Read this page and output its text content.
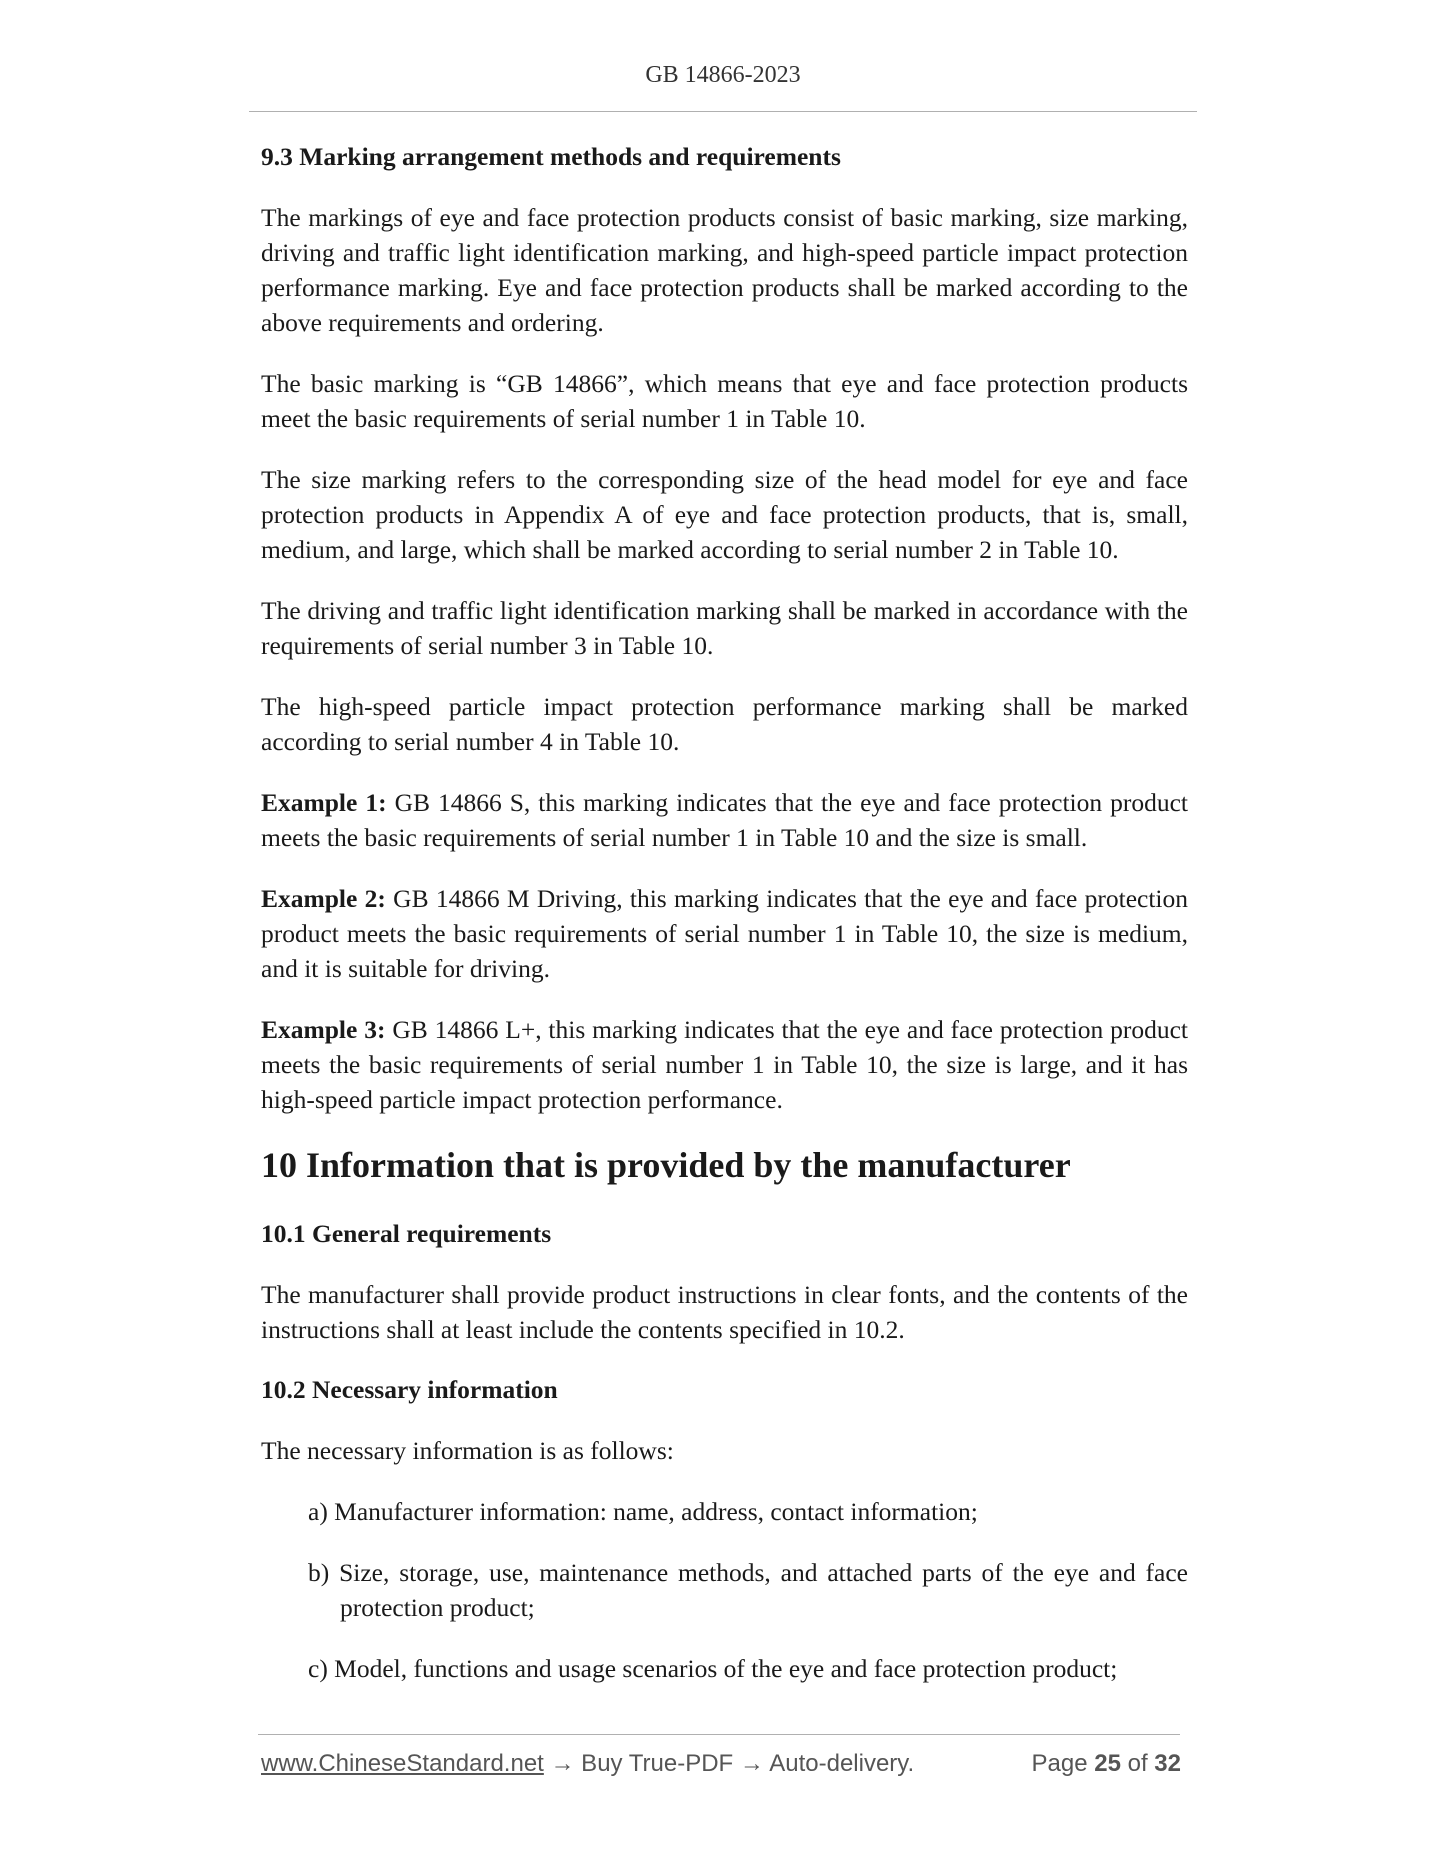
GB 14866-2023
9.3 Marking arrangement methods and requirements
The markings of eye and face protection products consist of basic marking, size marking, driving and traffic light identification marking, and high-speed particle impact protection performance marking. Eye and face protection products shall be marked according to the above requirements and ordering.
The basic marking is “GB 14866”, which means that eye and face protection products meet the basic requirements of serial number 1 in Table 10.
The size marking refers to the corresponding size of the head model for eye and face protection products in Appendix A of eye and face protection products, that is, small, medium, and large, which shall be marked according to serial number 2 in Table 10.
The driving and traffic light identification marking shall be marked in accordance with the requirements of serial number 3 in Table 10.
The high-speed particle impact protection performance marking shall be marked according to serial number 4 in Table 10.
Example 1: GB 14866 S, this marking indicates that the eye and face protection product meets the basic requirements of serial number 1 in Table 10 and the size is small.
Example 2: GB 14866 M Driving, this marking indicates that the eye and face protection product meets the basic requirements of serial number 1 in Table 10, the size is medium, and it is suitable for driving.
Example 3: GB 14866 L+, this marking indicates that the eye and face protection product meets the basic requirements of serial number 1 in Table 10, the size is large, and it has high-speed particle impact protection performance.
10 Information that is provided by the manufacturer
10.1 General requirements
The manufacturer shall provide product instructions in clear fonts, and the contents of the instructions shall at least include the contents specified in 10.2.
10.2 Necessary information
The necessary information is as follows:
a) Manufacturer information: name, address, contact information;
b) Size, storage, use, maintenance methods, and attached parts of the eye and face protection product;
c) Model, functions and usage scenarios of the eye and face protection product;
www.ChineseStandard.net → Buy True-PDF → Auto-delivery.	Page 25 of 32
